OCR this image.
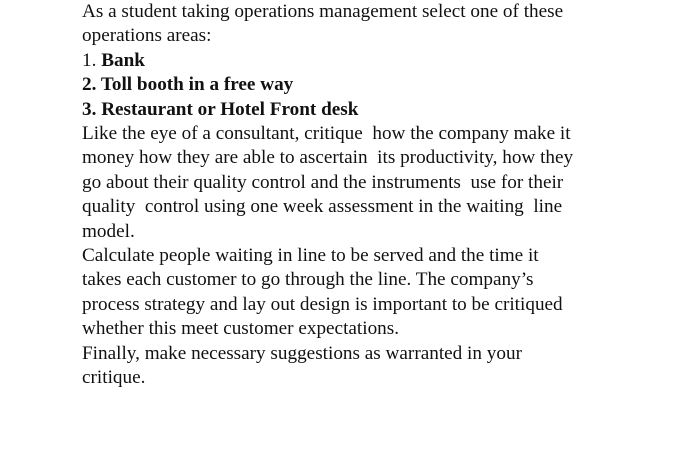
As a student taking operations management select one of these

operations areas:

1. Bank

2. Toll booth in a free way

3. Restaurant or Hotel Front desk

Like the eye of a consultant, critique  how the company make it

money how they are able to ascertain  its productivity, how they

go about their quality control and the instruments  use for their

quality  control using one week assessment in the waiting  line

model.

Calculate people waiting in line to be served and the time it

takes each customer to go through the line. The company’s

process strategy and lay out design is important to be critiqued

whether this meet customer expectations.

Finally, make necessary suggestions as warranted in your

critique.
